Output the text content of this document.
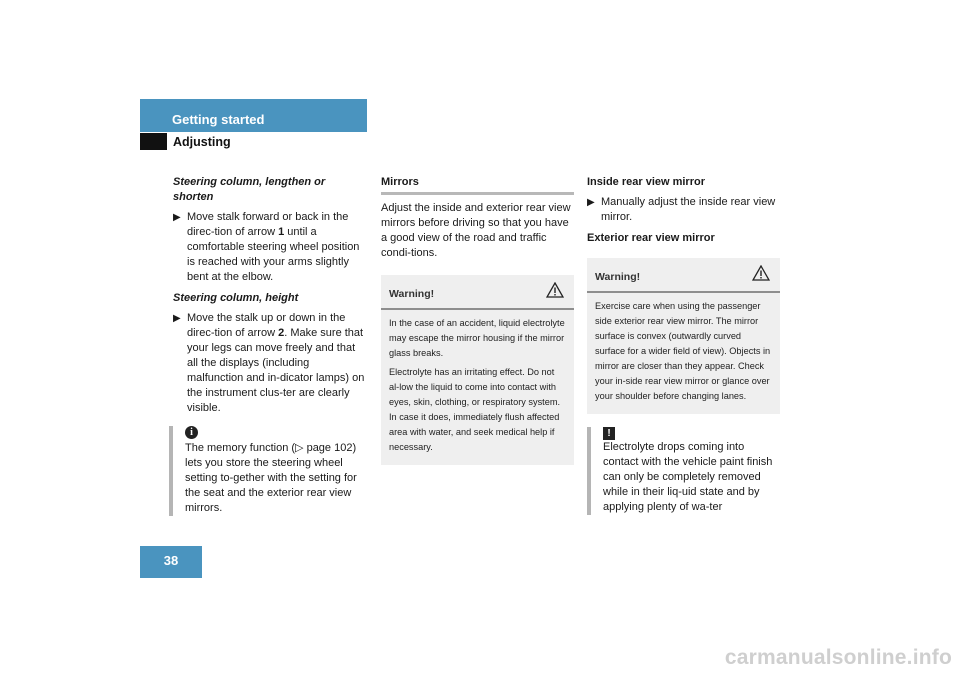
Getting started
Adjusting

Steering column, lengthen or shorten

▶ Move stalk forward or back in the direc-tion of arrow 1 until a comfortable steering wheel position is reached with your arms slightly bent at the elbow.

Steering column, height

▶ Move the stalk up or down in the direc-tion of arrow 2. Make sure that your legs can move freely and that all the displays (including malfunction and in-dicator lamps) on the instrument clus-ter are clearly visible.
i
The memory function (▷ page 102) lets you store the steering wheel setting to-gether with the setting for the seat and the exterior rear view mirrors.

Mirrors

Adjust the inside and exterior rear view mirrors before driving so that you have a good view of the road and traffic condi-tions.

Warning!

In the case of an accident, liquid electrolyte may escape the mirror housing if the mirror glass breaks.

Electrolyte has an irritating effect. Do not al-low the liquid to come into contact with eyes, skin, clothing, or respiratory system. In case it does, immediately flush affected area with water, and seek medical help if necessary.

Inside rear view mirror

▶ Manually adjust the inside rear view mirror.

Exterior rear view mirror

Warning!

Exercise care when using the passenger side exterior rear view mirror. The mirror surface is convex (outwardly curved surface for a wider field of view). Objects in mirror are closer than they appear. Check your in-side rear view mirror or glance over your shoulder before changing lanes.

!
Electrolyte drops coming into contact with the vehicle paint finish can only be completely removed while in their liq-uid state and by applying plenty of wa-ter
38
carmanualsonline.info
